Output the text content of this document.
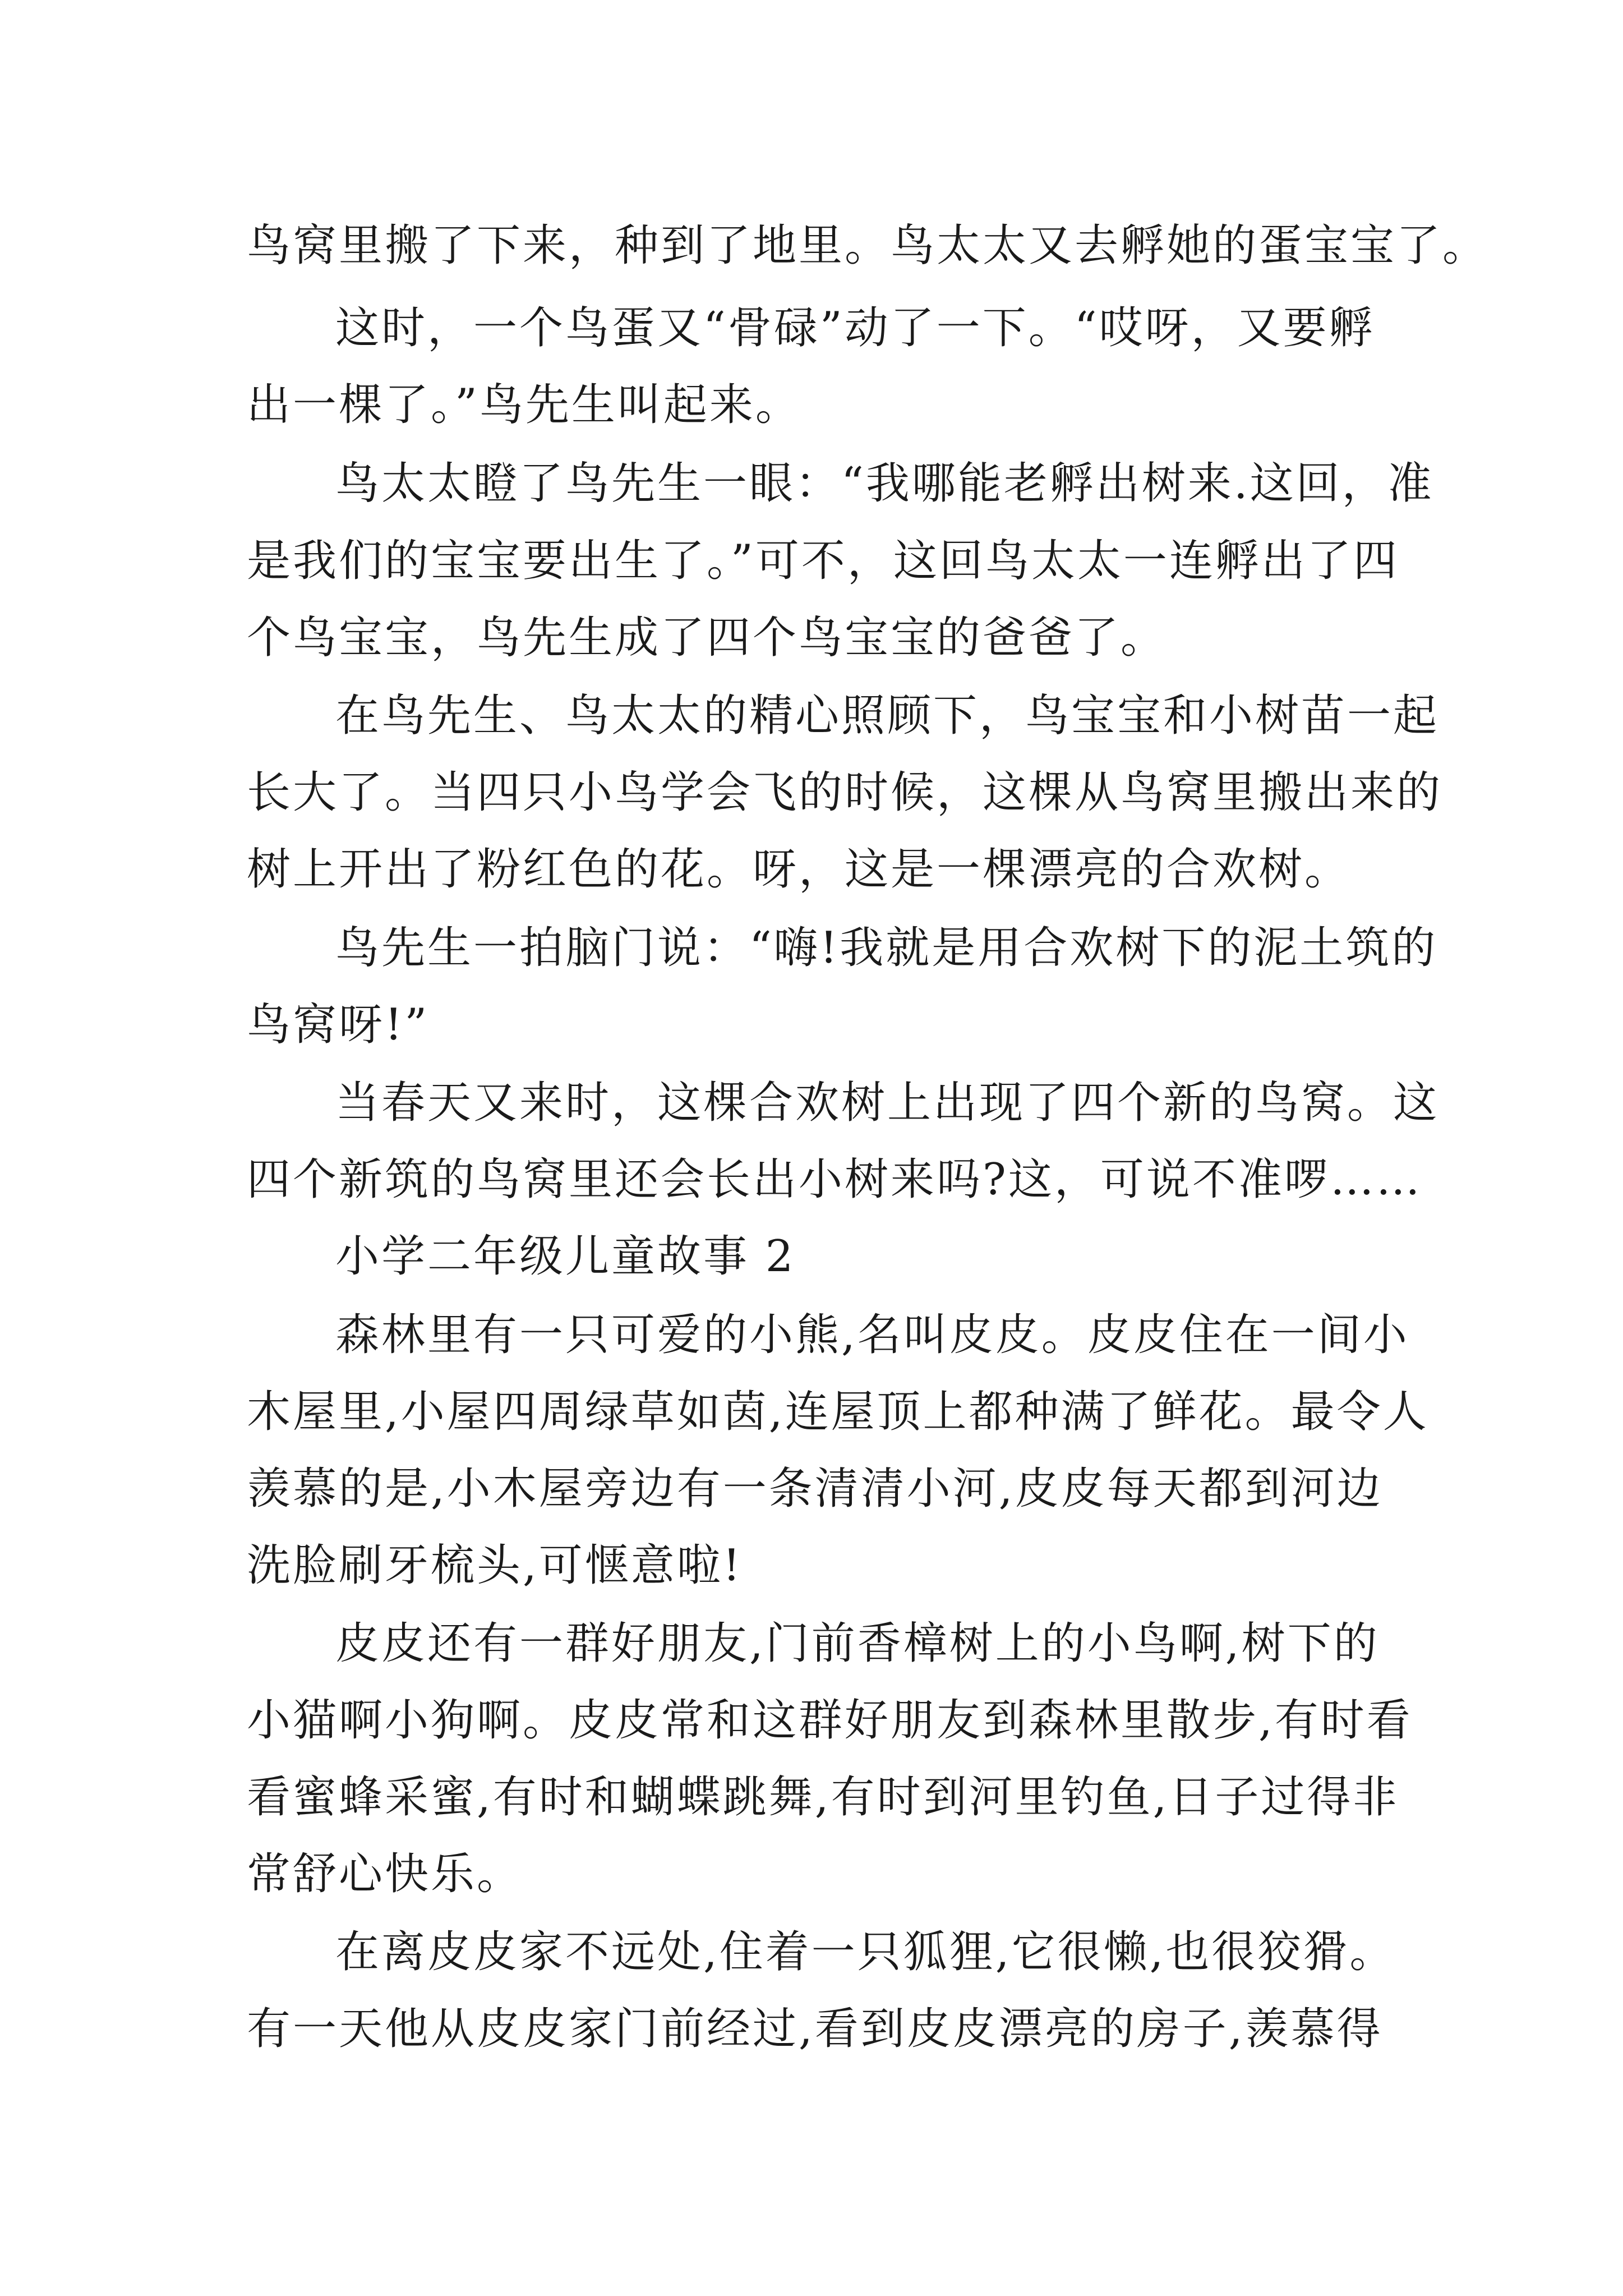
鸟窝里搬了下来，种到了地里。鸟太太又去孵她的蛋宝宝了。
这时，一个鸟蛋又“骨碌”动了一下。“哎呀，又要孵
出一棵了。”鸟先生叫起来。
鸟太太瞪了鸟先生一眼：“我哪能老孵出树来.这回，准
是我们的宝宝要出生了。”可不，这回鸟太太一连孵出了四
个鸟宝宝，鸟先生成了四个鸟宝宝的爸爸了。
在鸟先生、鸟太太的精心照顾下，鸟宝宝和小树苗一起
长大了。当四只小鸟学会飞的时候，这棵从鸟窝里搬出来的
树上开出了粉红色的花。呀，这是一棵漂亮的合欢树。
鸟先生一拍脑门说：“嗨!我就是用合欢树下的泥土筑的
鸟窝呀!”
当春天又来时，这棵合欢树上出现了四个新的鸟窝。这
四个新筑的鸟窝里还会长出小树来吗?这，可说不准啰……
小学二年级儿童故事 2
森林里有一只可爱的小熊,名叫皮皮。皮皮住在一间小
木屋里,小屋四周绿草如茵,连屋顶上都种满了鲜花。最令人
羡慕的是,小木屋旁边有一条清清小河,皮皮每天都到河边
洗脸刷牙梳头,可惬意啦!
皮皮还有一群好朋友,门前香樟树上的小鸟啊,树下的
小猫啊小狗啊。皮皮常和这群好朋友到森林里散步,有时看
看蜜蜂采蜜,有时和蝴蝶跳舞,有时到河里钓鱼,日子过得非
常舒心快乐。
在离皮皮家不远处,住着一只狐狸,它很懒,也很狡猾。
有一天他从皮皮家门前经过,看到皮皮漂亮的房子,羡慕得
